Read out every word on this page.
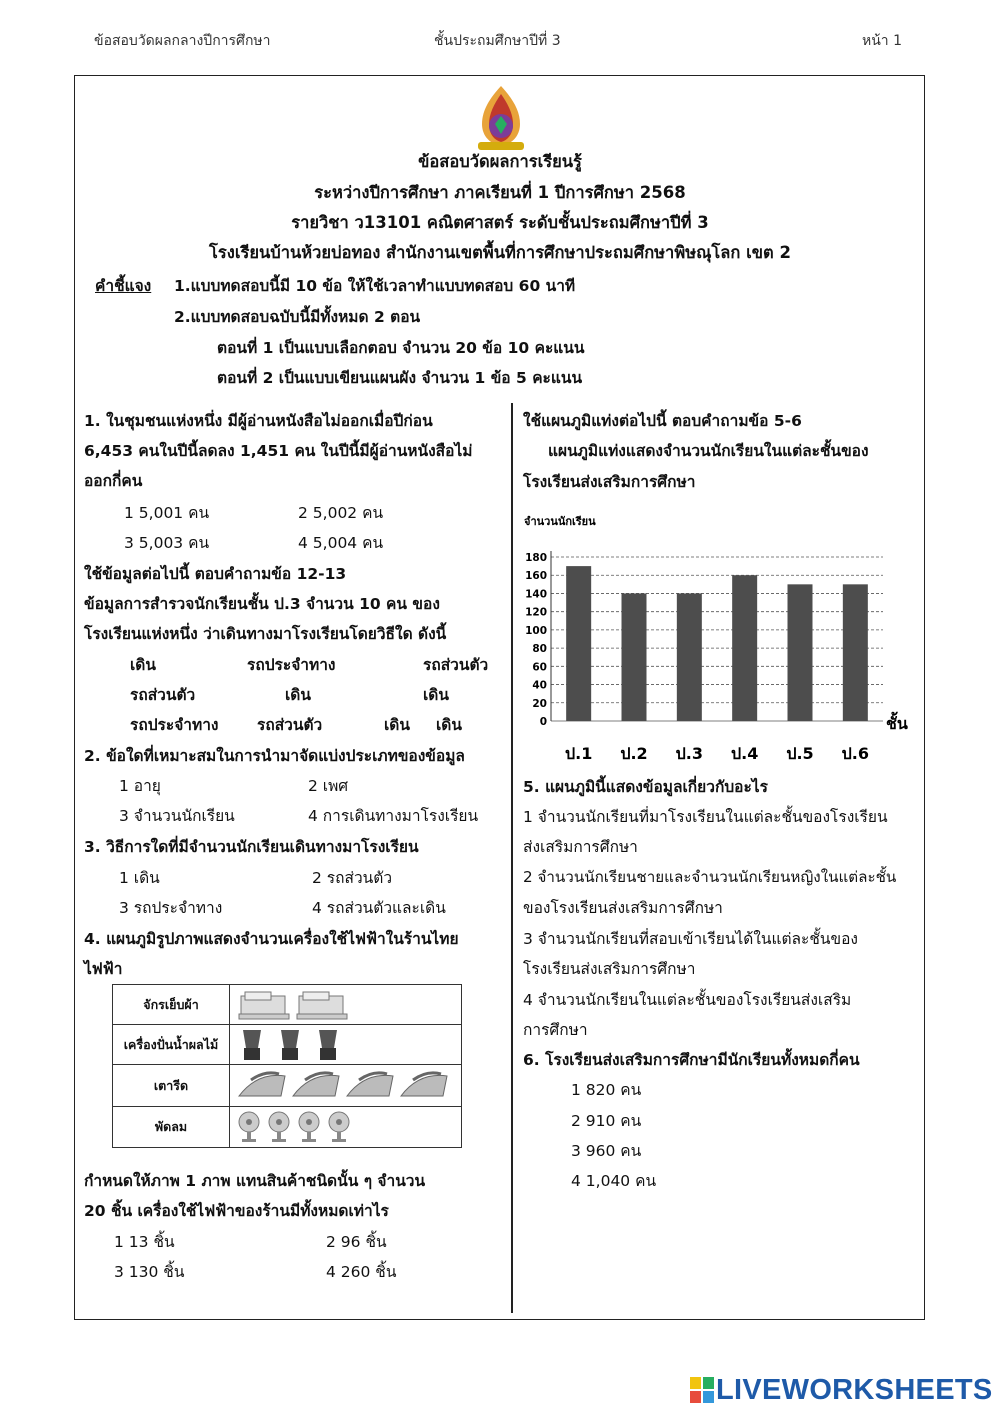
ข้อสอบวัดผลกลางปีการศึกษา	ชั้นประถมศึกษาปีที่ 3	หน้า 1
ข้อสอบวัดผลการเรียนรู้
ระหว่างปีการศึกษา ภาคเรียนที่ 1 ปีการศึกษา 2568
รายวิชา ว13101 คณิตศาสตร์ ระดับชั้นประถมศึกษาปีที่ 3
โรงเรียนบ้านห้วยบ่อทอง สำนักงานเขตพื้นที่การศึกษาประถมศึกษาพิษณุโลก เขต 2
คำชี้แจง 1.แบบทดสอบนี้มี 10 ข้อ ให้ใช้เวลาทำแบบทดสอบ 60 นาที
2.แบบทดสอบฉบับนี้มีทั้งหมด 2 ตอน
ตอนที่ 1 เป็นแบบเลือกตอบ จำนวน 20 ข้อ 10 คะแนน
ตอนที่ 2 เป็นแบบเขียนแผนผัง จำนวน 1 ข้อ 5 คะแนน
1. ในชุมชนแห่งหนึ่ง มีผู้อ่านหนังสือไม่ออกเมื่อปีก่อน
6,453 คนในปีนี้ลดลง 1,451 คน ในปีนี้มีผู้อ่านหนังสือไม่
ออกกี่คน
1 5,001 คน	2 5,002 คน
3 5,003 คน	4 5,004 คน
ใช้ข้อมูลต่อไปนี้ ตอบคำถามข้อ 12-13
ข้อมูลการสำรวจนักเรียนชั้น ป.3 จำนวน 10 คน ของ
โรงเรียนแห่งหนึ่ง ว่าเดินทางมาโรงเรียนโดยวิธีใด ดังนี้
เดิน	รถประจำทาง	รถส่วนตัว
รถส่วนตัว	เดิน	เดิน
รถประจำทาง รถส่วนตัว	เดิน เดิน
2. ข้อใดที่เหมาะสมในการนำมาจัดแบ่งประเภทของข้อมูล
1 อายุ	2 เพศ
3 จำนวนนักเรียน	4 การเดินทางมาโรงเรียน
3. วิธีการใดที่มีจำนวนนักเรียนเดินทางมาโรงเรียน
1 เดิน	2 รถส่วนตัว
3 รถประจำทาง	4 รถส่วนตัวและเดิน
4. แผนภูมิรูปภาพแสดงจำนวนเครื่องใช้ไฟฟ้าในร้านไทย
ไฟฟ้า
จักรเย็บผ้า
เครื่องปั่นน้ำผลไม้
เตารีด
พัดลม
กำหนดให้ภาพ 1 ภาพ แทนสินค้าชนิดนั้น ๆ จำนวน
20 ชิ้น เครื่องใช้ไฟฟ้าของร้านมีทั้งหมดเท่าไร
1 13 ชิ้น	2 96 ชิ้น
3 130 ชิ้น	4 260 ชิ้น
ใช้แผนภูมิแท่งต่อไปนี้ ตอบคำถามข้อ 5-6
แผนภูมิแท่งแสดงจำนวนนักเรียนในแต่ละชั้นของ
โรงเรียนส่งเสริมการศึกษา
จำนวนนักเรียน
0
20
40
60
80
100
120
140
160
180
ป.1 ป.2 ป.3 ป.4 ป.5 ป.6
ชั้น
5. แผนภูมินี้แสดงข้อมูลเกี่ยวกับอะไร
1 จำนวนนักเรียนที่มาโรงเรียนในแต่ละชั้นของโรงเรียน
ส่งเสริมการศึกษา
2 จำนวนนักเรียนชายและจำนวนนักเรียนหญิงในแต่ละชั้น
ของโรงเรียนส่งเสริมการศึกษา
3 จำนวนนักเรียนที่สอบเข้าเรียนได้ในแต่ละชั้นของ
โรงเรียนส่งเสริมการศึกษา
4 จำนวนนักเรียนในแต่ละชั้นของโรงเรียนส่งเสริม
การศึกษา
6. โรงเรียนส่งเสริมการศึกษามีนักเรียนทั้งหมดกี่คน
1 820 คน
2 910 คน
3 960 คน
4 1,040 คน
LIVEWORKSHEETS
